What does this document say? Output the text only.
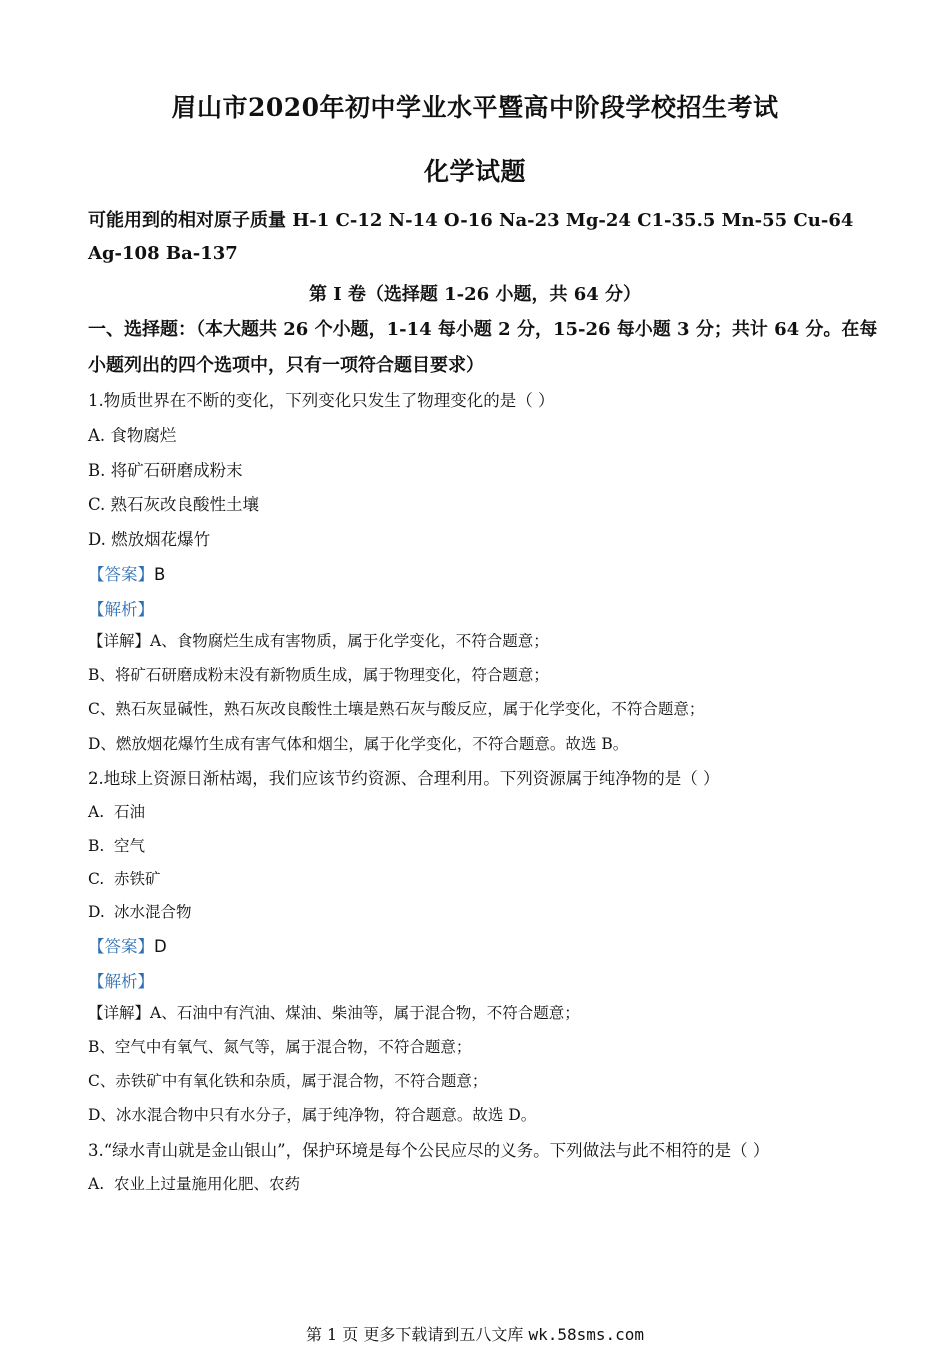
眉山市2020年初中学业水平暨高中阶段学校招生考试
化学试题
可能用到的相对原子质量 H-1 C-12 N-14 O-16 Na-23 Mg-24 C1-35.5 Mn-55 Cu-64
Ag-108 Ba-137
第 I 卷（选择题 1-26 小题，共 64 分）
一、选择题：（本大题共 26 个小题，1-14 每小题 2 分，15-26 每小题 3 分；共计 64 分。在每
小题列出的四个选项中，只有一项符合题目要求）
1.物质世界在不断的变化，下列变化只发生了物理变化的是（ ）
A. 食物腐烂
B. 将矿石研磨成粉末
C. 熟石灰改良酸性土壤
D. 燃放烟花爆竹
【答案】B
【解析】
【详解】A、食物腐烂生成有害物质，属于化学变化，不符合题意；
B、将矿石研磨成粉末没有新物质生成，属于物理变化，符合题意；
C、熟石灰显碱性，熟石灰改良酸性土壤是熟石灰与酸反应，属于化学变化，不符合题意；
D、燃放烟花爆竹生成有害气体和烟尘，属于化学变化，不符合题意。故选 B。
2.地球上资源日渐枯竭，我们应该节约资源、合理利用。下列资源属于纯净物的是（ ）
A. 石油
B. 空气
C. 赤铁矿
D. 冰水混合物
【答案】D
【解析】
【详解】A、石油中有汽油、煤油、柴油等，属于混合物，不符合题意；
B、空气中有氧气、氮气等，属于混合物，不符合题意；
C、赤铁矿中有氧化铁和杂质，属于混合物，不符合题意；
D、冰水混合物中只有水分子，属于纯净物，符合题意。故选 D。
3.“绿水青山就是金山银山”，保护环境是每个公民应尽的义务。下列做法与此不相符的是（ ）
A. 农业上过量施用化肥、农药
第 1 页 更多下载请到五八文库 wk.58sms.com
